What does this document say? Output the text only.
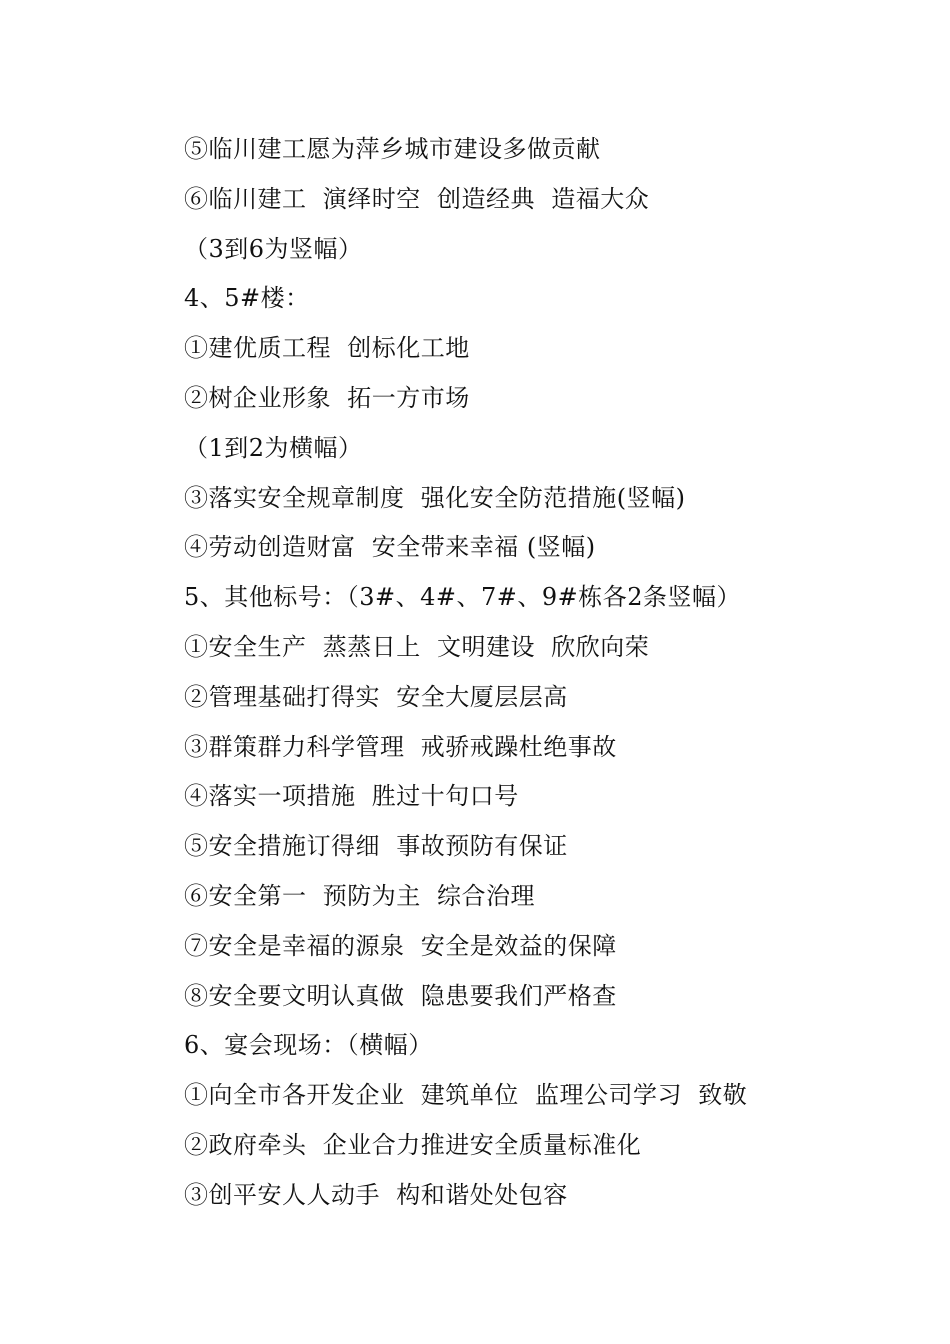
⑤临川建工愿为萍乡城市建设多做贡献
⑥临川建工  演绎时空  创造经典  造福大众
（3到6为竖幅）
4、5#楼：
①建优质工程  创标化工地
②树企业形象  拓一方市场
（1到2为横幅）
③落实安全规章制度  强化安全防范措施(竖幅)
④劳动创造财富  安全带来幸福 (竖幅)
5、其他标号：（3#、4#、7#、9#栋各2条竖幅）
①安全生产  蒸蒸日上  文明建设  欣欣向荣
②管理基础打得实  安全大厦层层高
③群策群力科学管理  戒骄戒躁杜绝事故
④落实一项措施  胜过十句口号
⑤安全措施订得细  事故预防有保证
⑥安全第一  预防为主  综合治理
⑦安全是幸福的源泉  安全是效益的保障
⑧安全要文明认真做  隐患要我们严格查
6、宴会现场：（横幅）
①向全市各开发企业  建筑单位  监理公司学习  致敬
②政府牵头  企业合力推进安全质量标准化
③创平安人人动手  构和谐处处包容
